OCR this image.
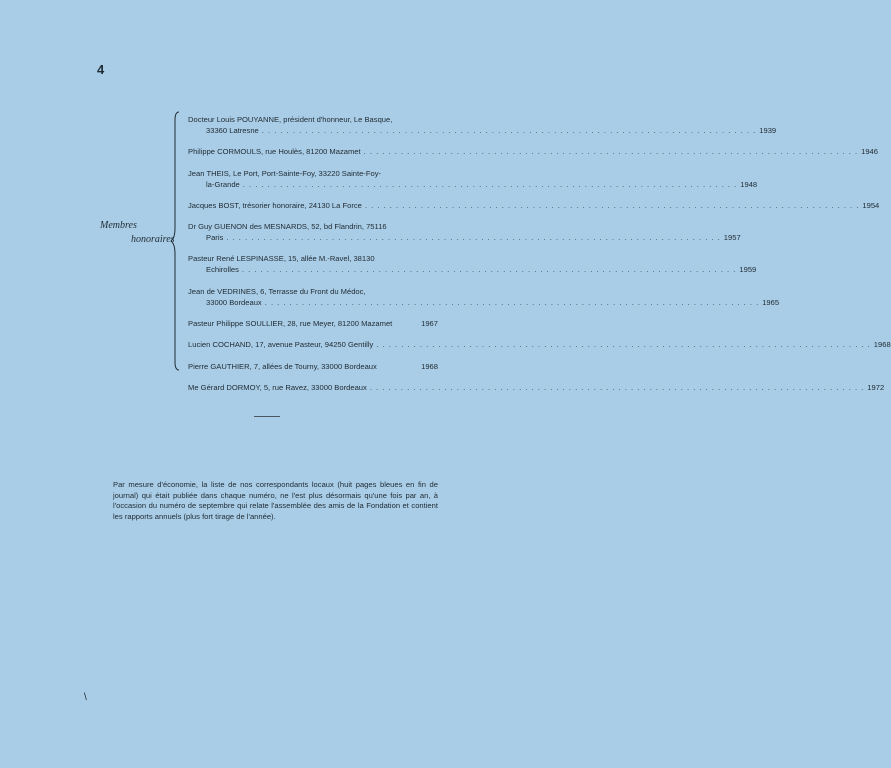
4
Membres
honoraires
Docteur Louis POUYANNE, président d'honneur, Le Basque,
33360 Latresne . . . . . . . . . . . . . . . . . . . . . . . . . . . . . . . . . . . . . . . . . . . . . . . . . . . . . . . . . . . . . . . . . . . . . . . . . . . . . . . . 1939
Philippe CORMOULS, rue Houlès, 81200 Mazamet . . . . . . . . . . . . . . . . . . . . . . . . . . . . . . . . . . . . . . . . . . . . . . . . . . . . . . . . . . . . . . . . . . . . . . . . . . . . . . . . 1946
Jean THEIS, Le Port, Port-Sainte-Foy, 33220 Sainte-Foy-
la-Grande . . . . . . . . . . . . . . . . . . . . . . . . . . . . . . . . . . . . . . . . . . . . . . . . . . . . . . . . . . . . . . . . . . . . . . . . . . . . . . . . 1948
Jacques BOST, trésorier honoraire, 24130 La Force . . . . . . . . . . . . . . . . . . . . . . . . . . . . . . . . . . . . . . . . . . . . . . . . . . . . . . . . . . . . . . . . . . . . . . . . . . . . . . . . 1954
Dr Guy GUENON des MESNARDS, 52, bd Flandrin, 75116
Paris . . . . . . . . . . . . . . . . . . . . . . . . . . . . . . . . . . . . . . . . . . . . . . . . . . . . . . . . . . . . . . . . . . . . . . . . . . . . . . . . 1957
Pasteur René LESPINASSE, 15, allée M.-Ravel, 38130
Echirolles . . . . . . . . . . . . . . . . . . . . . . . . . . . . . . . . . . . . . . . . . . . . . . . . . . . . . . . . . . . . . . . . . . . . . . . . . . . . . . . . 1959
Jean de VEDRINES, 6, Terrasse du Front du Médoc,
33000 Bordeaux . . . . . . . . . . . . . . . . . . . . . . . . . . . . . . . . . . . . . . . . . . . . . . . . . . . . . . . . . . . . . . . . . . . . . . . . . . . . . . . . 1965
Pasteur Philippe SOULLIER, 28, rue Meyer, 81200 Mazamet	1967
Lucien COCHAND, 17, avenue Pasteur, 94250 Gentilly . . . . . . . . . . . . . . . . . . . . . . . . . . . . . . . . . . . . . . . . . . . . . . . . . . . . . . . . . . . . . . . . . . . . . . . . . . . . . . . . 1968
Pierre GAUTHIER, 7, allées de Tourny, 33000 Bordeaux	1968
Me Gérard DORMOY, 5, rue Ravez, 33000 Bordeaux . . . . . . . . . . . . . . . . . . . . . . . . . . . . . . . . . . . . . . . . . . . . . . . . . . . . . . . . . . . . . . . . . . . . . . . . . . . . . . . . 1972
Par mesure d'économie, la liste de nos correspondants locaux (huit pages bleues en fin de journal) qui était publiée dans chaque numéro, ne l'est plus désormais qu'une fois par an, à l'occasion du numéro de septembre qui relate l'assemblée des amis de la Fondation et contient les rapports annuels (plus fort tirage de l'année).
\
